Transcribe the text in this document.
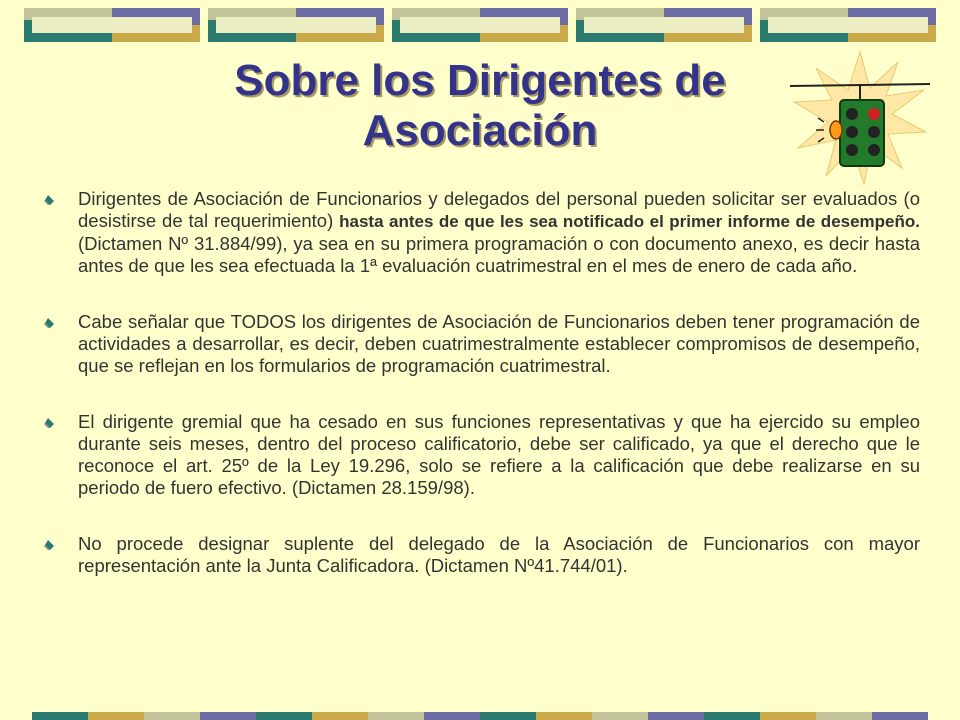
Sobre los Dirigentes de
Asociación

Dirigentes de Asociación de Funcionarios y delegados del personal pueden solicitar ser evaluados (o desistirse de tal requerimiento) hasta antes de que les sea notificado el primer informe de desempeño. (Dictamen Nº 31.884/99), ya sea en su primera programación o con documento anexo, es decir hasta antes de que les sea efectuada la 1ª evaluación cuatrimestral en el mes de enero de cada año.

Cabe señalar que TODOS los dirigentes de Asociación de Funcionarios deben tener programación de actividades a desarrollar, es decir, deben cuatrimestralmente establecer compromisos de desempeño, que se reflejan en los formularios de programación cuatrimestral.

El dirigente gremial que ha cesado en sus funciones representativas y que ha ejercido su empleo durante seis meses, dentro del proceso calificatorio, debe ser calificado, ya que el derecho que le reconoce el art. 25º de la Ley 19.296, solo se refiere a la calificación que debe realizarse en su periodo de fuero efectivo. (Dictamen 28.159/98).

No procede designar suplente del delegado de la Asociación de Funcionarios con mayor representación ante la Junta Calificadora. (Dictamen Nº41.744/01).
